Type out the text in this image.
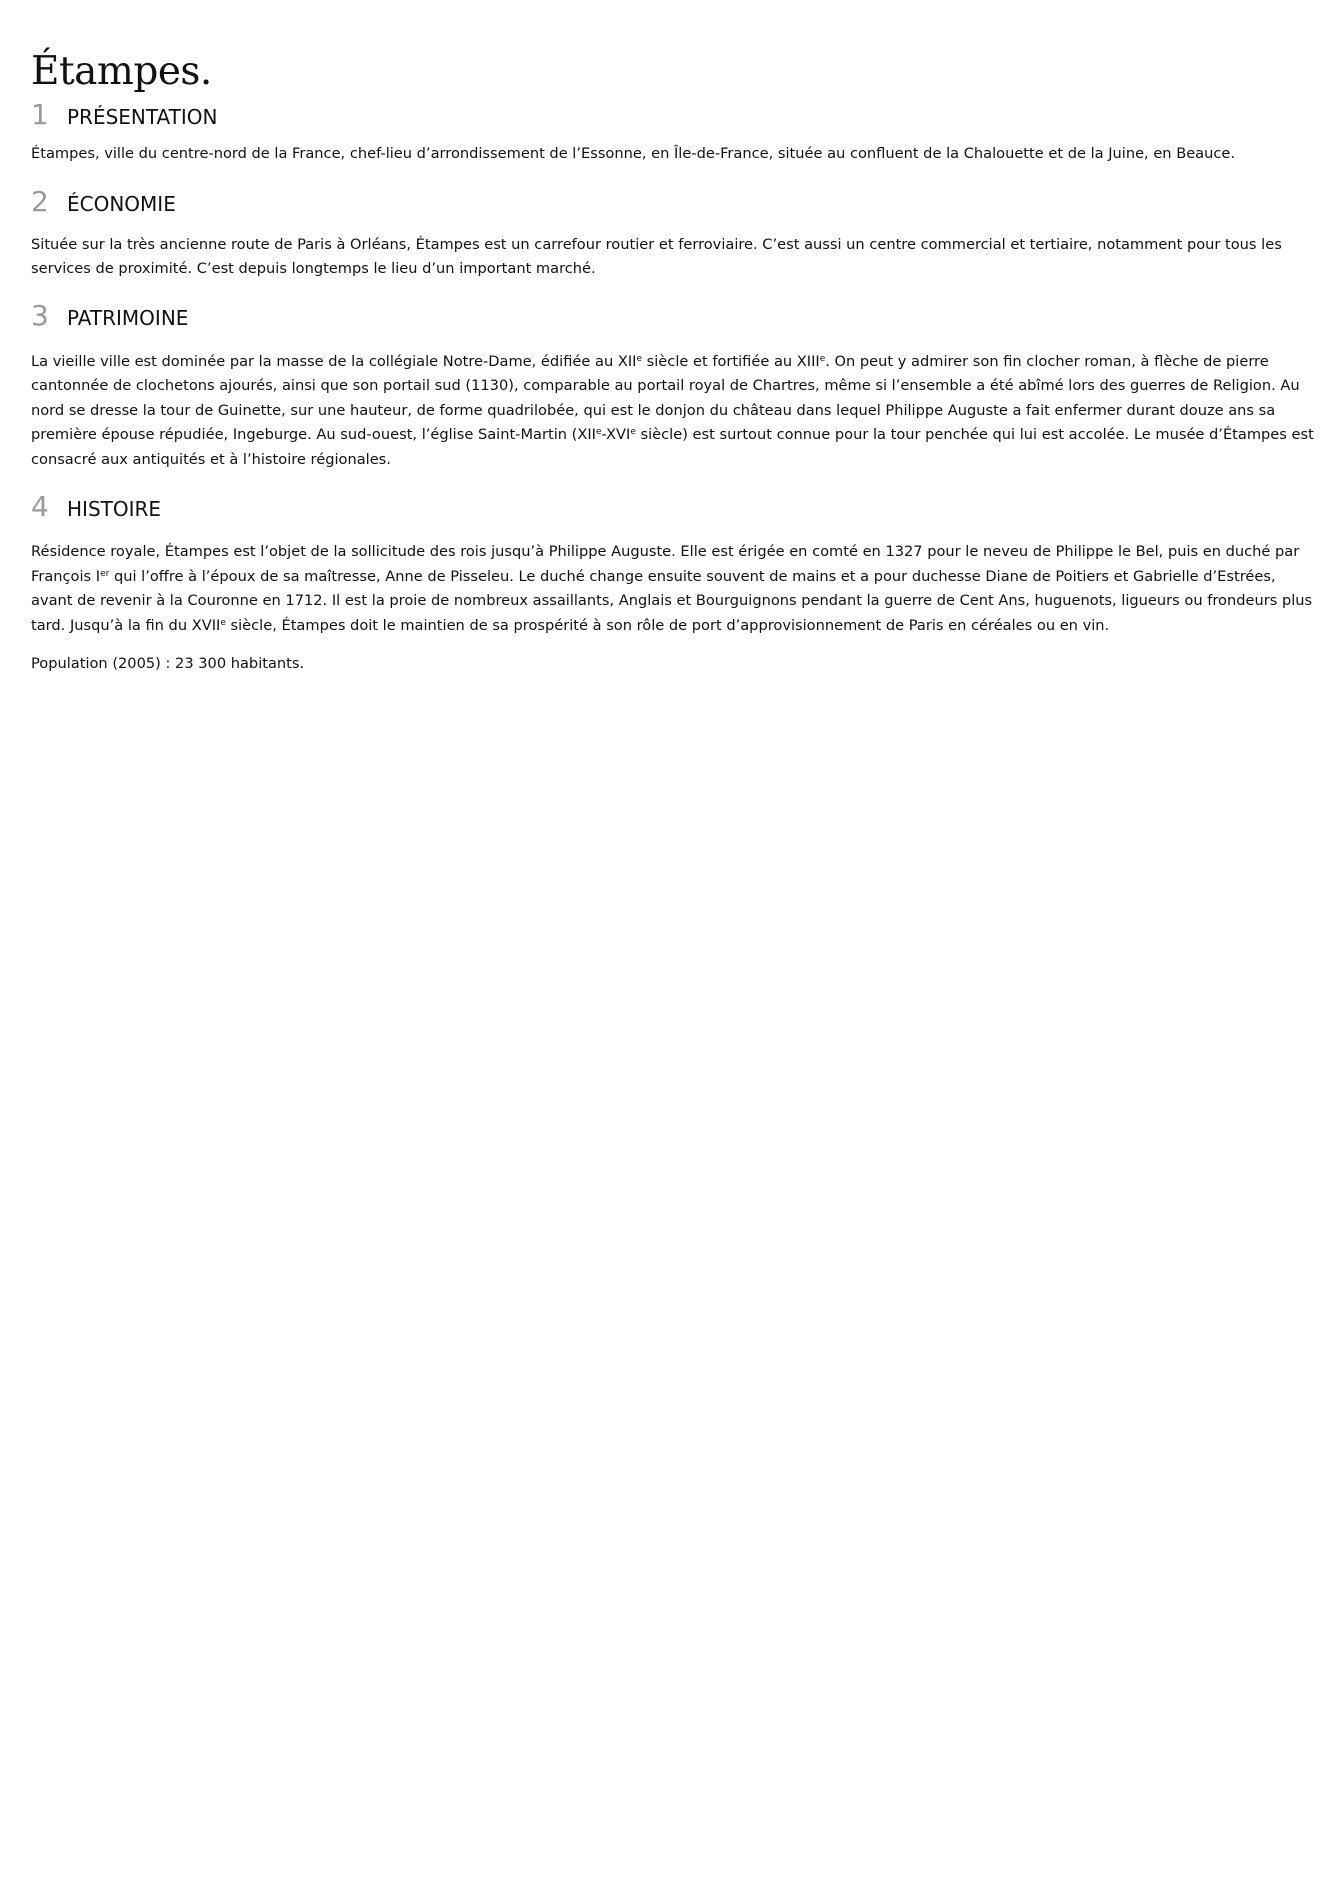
Étampes.
1 PRÉSENTATION

Étampes, ville du centre-nord de la France, chef-lieu d’arrondissement de l’Essonne, en Île-de-France, située au confluent de la Chalouette et de la Juine, en Beauce.

2 ÉCONOMIE

Située sur la très ancienne route de Paris à Orléans, Étampes est un carrefour routier et ferroviaire. C’est aussi un centre commercial et tertiaire, notamment pour tous les services de proximité. C’est depuis longtemps le lieu d’un important marché.

3 PATRIMOINE

La vieille ville est dominée par la masse de la collégiale Notre-Dame, édifiée au XIIe siècle et fortifiée au XIIIe. On peut y admirer son fin clocher roman, à flèche de pierre cantonnée de clochetons ajourés, ainsi que son portail sud (1130), comparable au portail royal de Chartres, même si l’ensemble a été abîmé lors des guerres de Religion. Au nord se dresse la tour de Guinette, sur une hauteur, de forme quadrilobée, qui est le donjon du château dans lequel Philippe Auguste a fait enfermer durant douze ans sa première épouse répudiée, Ingeburge. Au sud-ouest, l’église Saint-Martin (XIIe-XVIe siècle) est surtout connue pour la tour penchée qui lui est accolée. Le musée d’Étampes est consacré aux antiquités et à l’histoire régionales.

4 HISTOIRE

Résidence royale, Étampes est l’objet de la sollicitude des rois jusqu’à Philippe Auguste. Elle est érigée en comté en 1327 pour le neveu de Philippe le Bel, puis en duché par François Ier qui l’offre à l’époux de sa maîtresse, Anne de Pisseleu. Le duché change ensuite souvent de mains et a pour duchesse Diane de Poitiers et Gabrielle d’Estrées, avant de revenir à la Couronne en 1712. Il est la proie de nombreux assaillants, Anglais et Bourguignons pendant la guerre de Cent Ans, huguenots, ligueurs ou frondeurs plus tard. Jusqu’à la fin du XVIIe siècle, Étampes doit le maintien de sa prospérité à son rôle de port d’approvisionnement de Paris en céréales ou en vin.

Population (2005) : 23 300 habitants.
